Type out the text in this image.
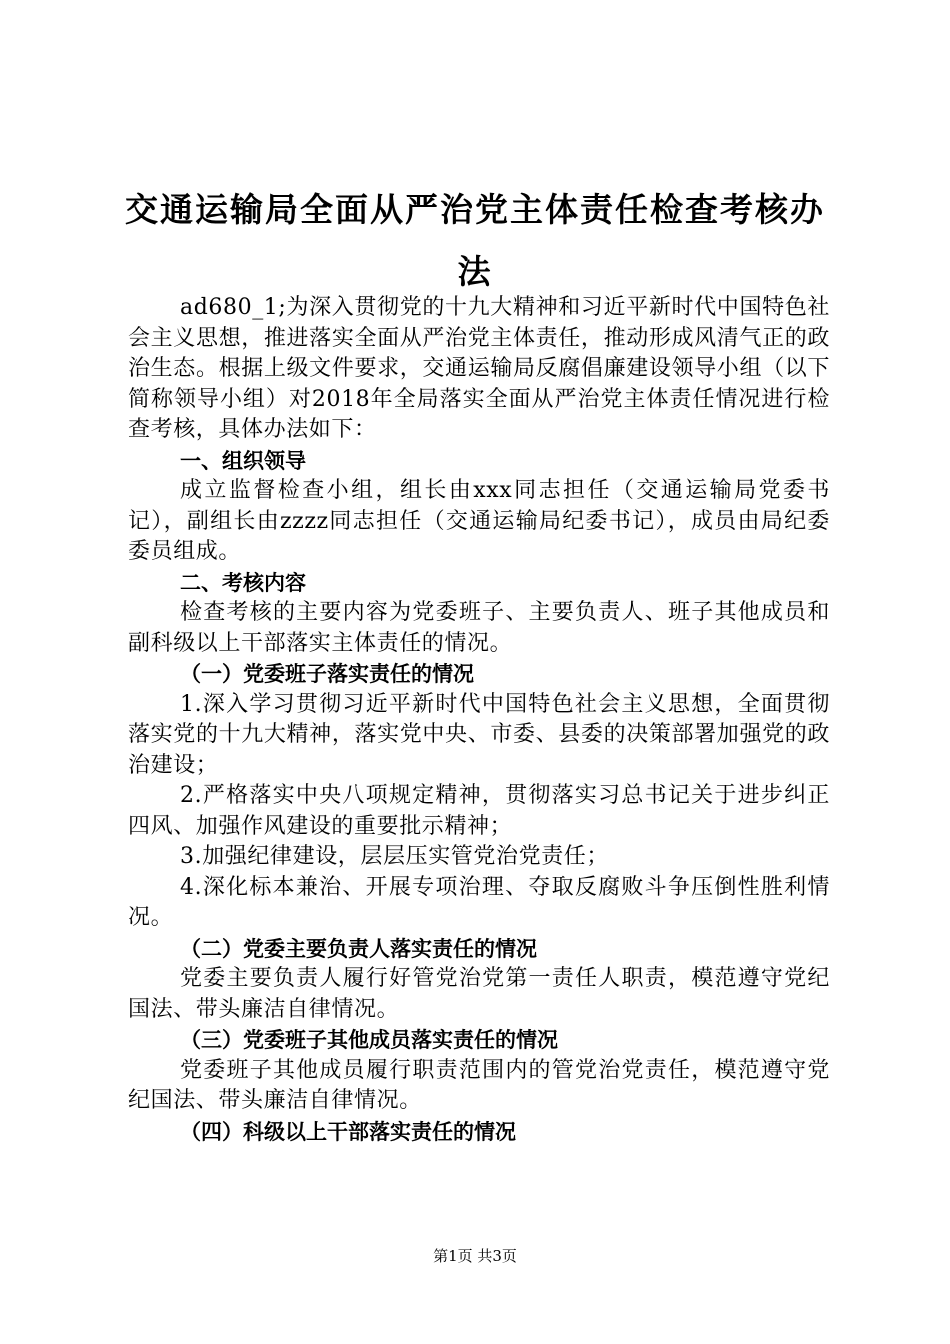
交通运输局全面从严治党主体责任检查考核办
法

ad680_1;为深入贯彻党的十九大精神和习近平新时代中国特色社会主义思想，推进落实全面从严治党主体责任，推动形成风清气正的政治生态。根据上级文件要求，交通运输局反腐倡廉建设领导小组（以下简称领导小组）对2018年全局落实全面从严治党主体责任情况进行检查考核，具体办法如下：

一、组织领导

成立监督检查小组，组长由xxx同志担任（交通运输局党委书记），副组长由zzzz同志担任（交通运输局纪委书记），成员由局纪委委员组成。

二、考核内容

检查考核的主要内容为党委班子、主要负责人、班子其他成员和副科级以上干部落实主体责任的情况。

（一）党委班子落实责任的情况

1.深入学习贯彻习近平新时代中国特色社会主义思想，全面贯彻落实党的十九大精神，落实党中央、市委、县委的决策部署加强党的政治建设；

2.严格落实中央八项规定精神，贯彻落实习总书记关于进步纠正四风、加强作风建设的重要批示精神；

3.加强纪律建设，层层压实管党治党责任；

4.深化标本兼治、开展专项治理、夺取反腐败斗争压倒性胜利情况。

（二）党委主要负责人落实责任的情况

党委主要负责人履行好管党治党第一责任人职责，模范遵守党纪国法、带头廉洁自律情况。

（三）党委班子其他成员落实责任的情况

党委班子其他成员履行职责范围内的管党治党责任，模范遵守党纪国法、带头廉洁自律情况。

（四）科级以上干部落实责任的情况

第1页 共3页
